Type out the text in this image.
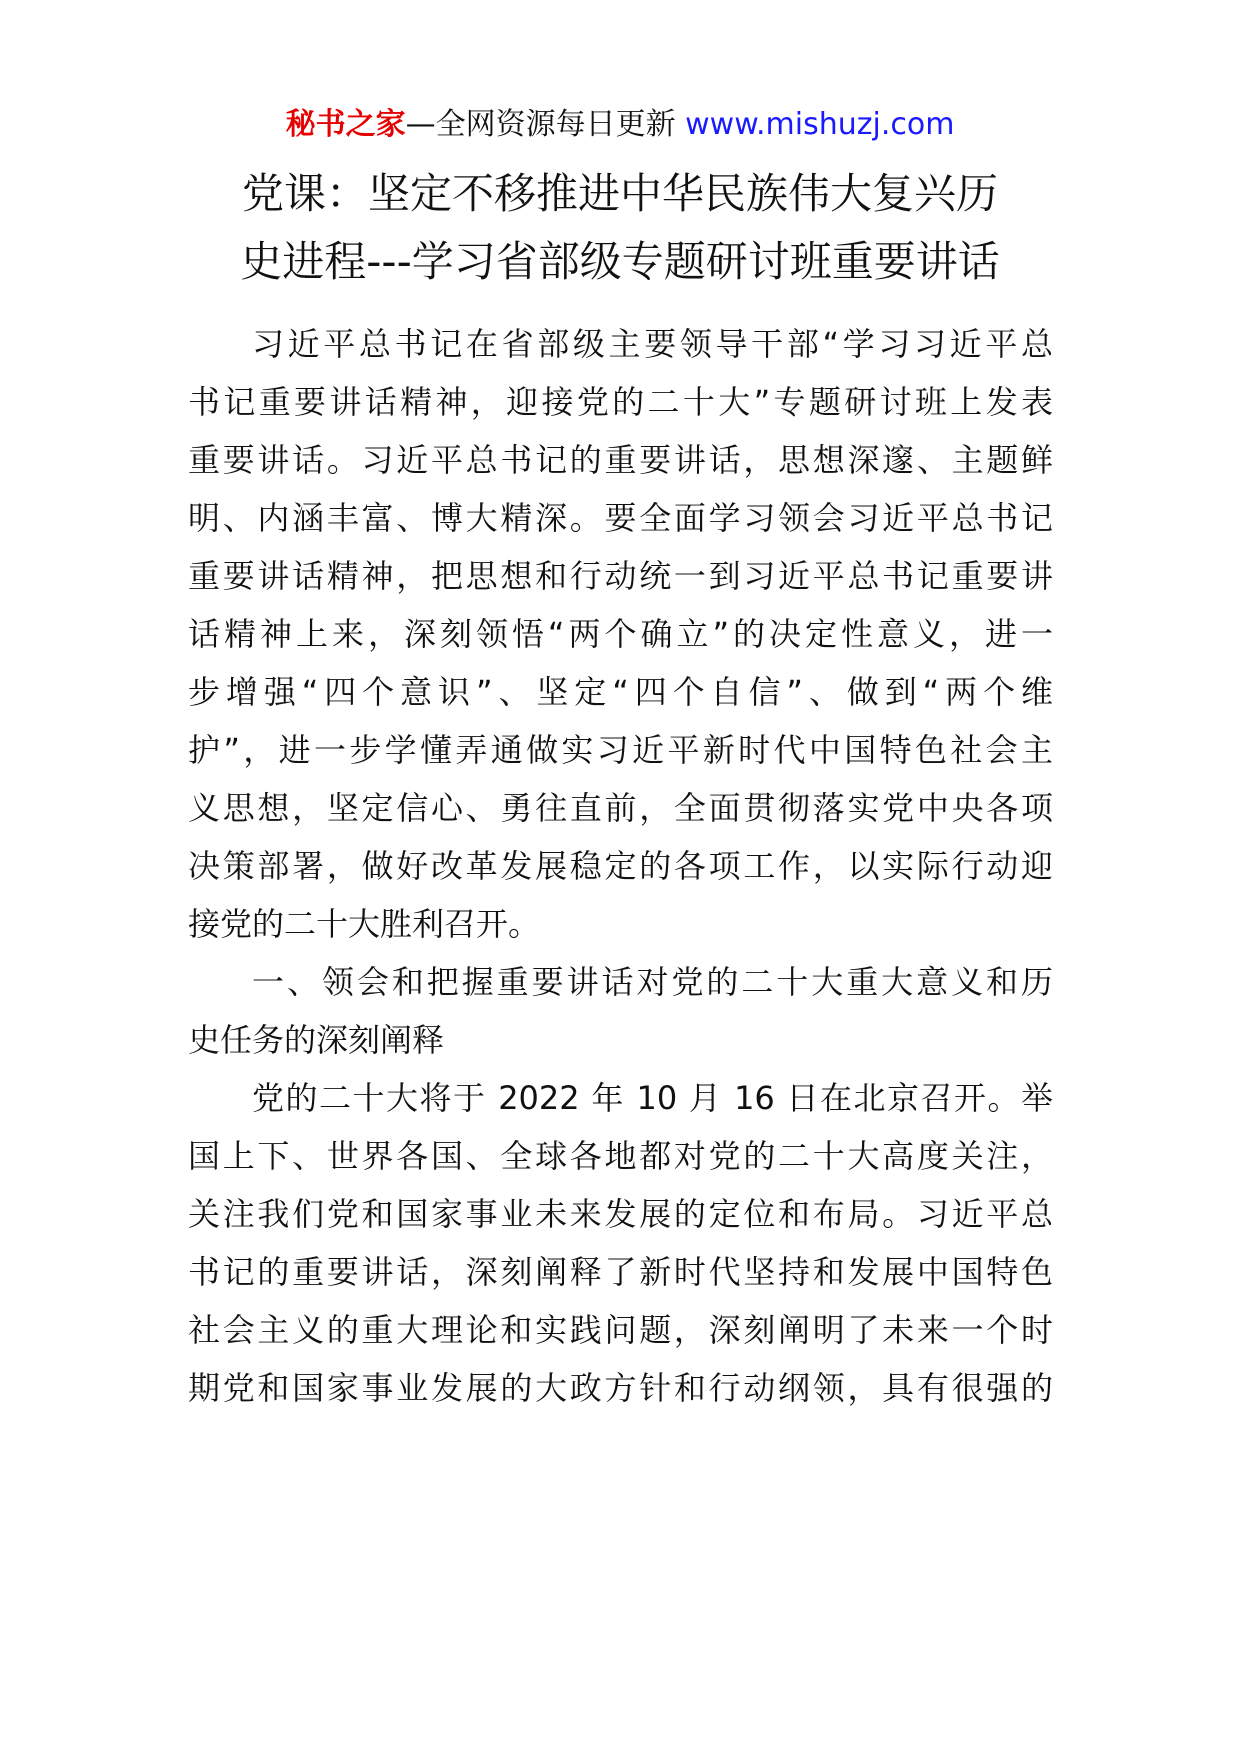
秘书之家—全网资源每日更新 www.mishuzj.com
党课：坚定不移推进中华民族伟大复兴历
史进程---学习省部级专题研讨班重要讲话
习近平总书记在省部级主要领导干部“学习习近平总
书记重要讲话精神，迎接党的二十大”专题研讨班上发表
重要讲话。习近平总书记的重要讲话，思想深邃、主题鲜
明、内涵丰富、博大精深。要全面学习领会习近平总书记
重要讲话精神，把思想和行动统一到习近平总书记重要讲
话精神上来，深刻领悟“两个确立”的决定性意义，进一
步增强“四个意识”、坚定“四个自信”、做到“两个维
护”，进一步学懂弄通做实习近平新时代中国特色社会主
义思想，坚定信心、勇往直前，全面贯彻落实党中央各项
决策部署，做好改革发展稳定的各项工作，以实际行动迎
接党的二十大胜利召开。
一、领会和把握重要讲话对党的二十大重大意义和历
史任务的深刻阐释
党的二十大将于 2022 年 10 月 16 日在北京召开。举
国上下、世界各国、全球各地都对党的二十大高度关注，
关注我们党和国家事业未来发展的定位和布局。习近平总
书记的重要讲话，深刻阐释了新时代坚持和发展中国特色
社会主义的重大理论和实践问题，深刻阐明了未来一个时
期党和国家事业发展的大政方针和行动纲领，具有很强的
